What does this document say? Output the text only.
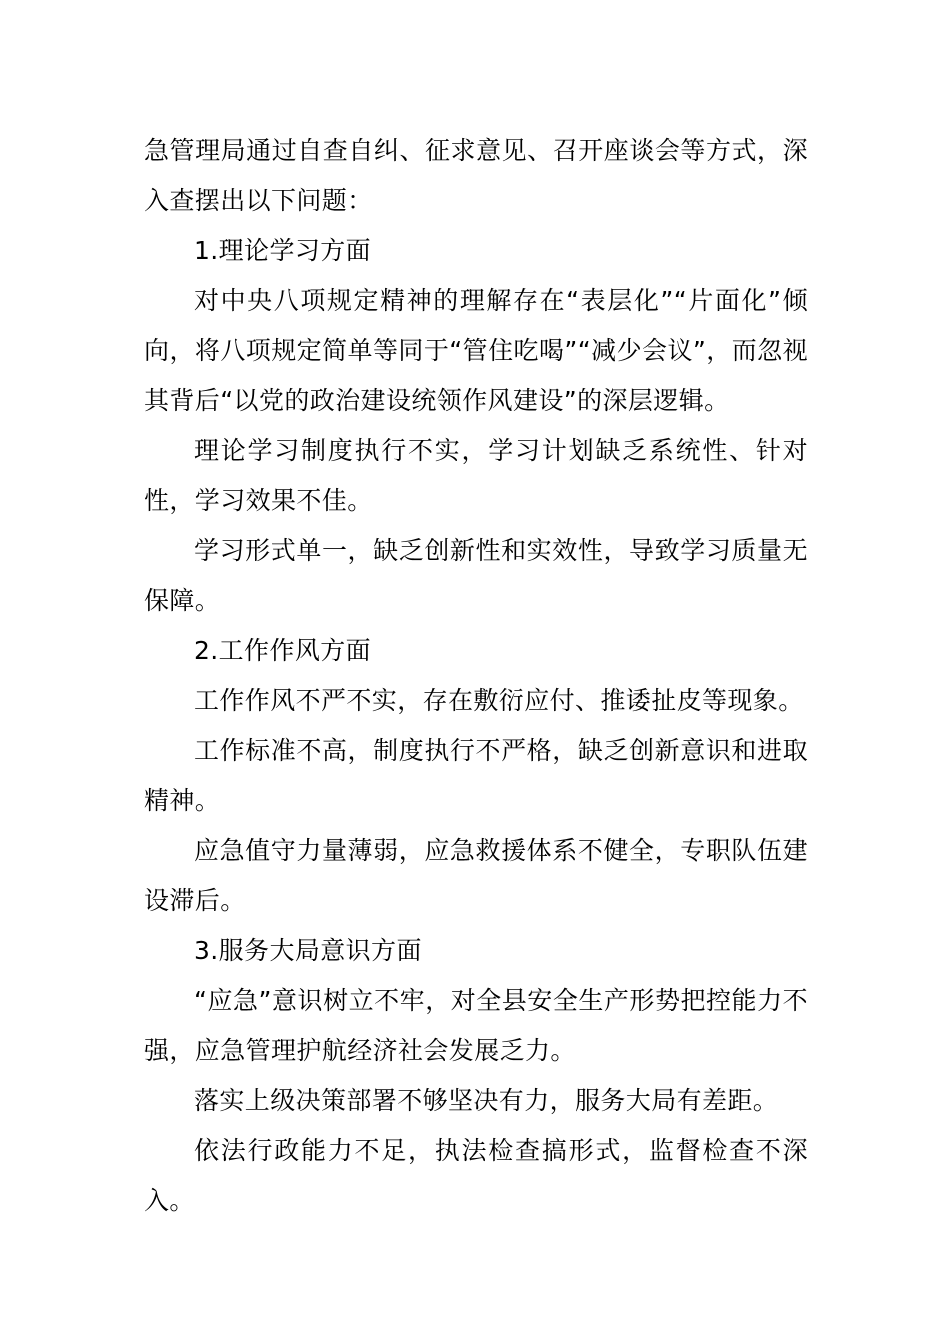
急管理局通过自查自纠、征求意见、召开座谈会等方式，深入查摆出以下问题：

1.理论学习方面

对中央八项规定精神的理解存在“表层化”“片面化”倾向，将八项规定简单等同于“管住吃喝”“减少会议”，而忽视其背后“以党的政治建设统领作风建设”的深层逻辑。

理论学习制度执行不实，学习计划缺乏系统性、针对性，学习效果不佳。

学习形式单一，缺乏创新性和实效性，导致学习质量无保障。

2.工作作风方面

工作作风不严不实，存在敷衍应付、推诿扯皮等现象。

工作标准不高，制度执行不严格，缺乏创新意识和进取精神。

应急值守力量薄弱，应急救援体系不健全，专职队伍建设滞后。

3.服务大局意识方面

“应急”意识树立不牢，对全县安全生产形势把控能力不强，应急管理护航经济社会发展乏力。

落实上级决策部署不够坚决有力，服务大局有差距。

依法行政能力不足，执法检查搞形式，监督检查不深入。
